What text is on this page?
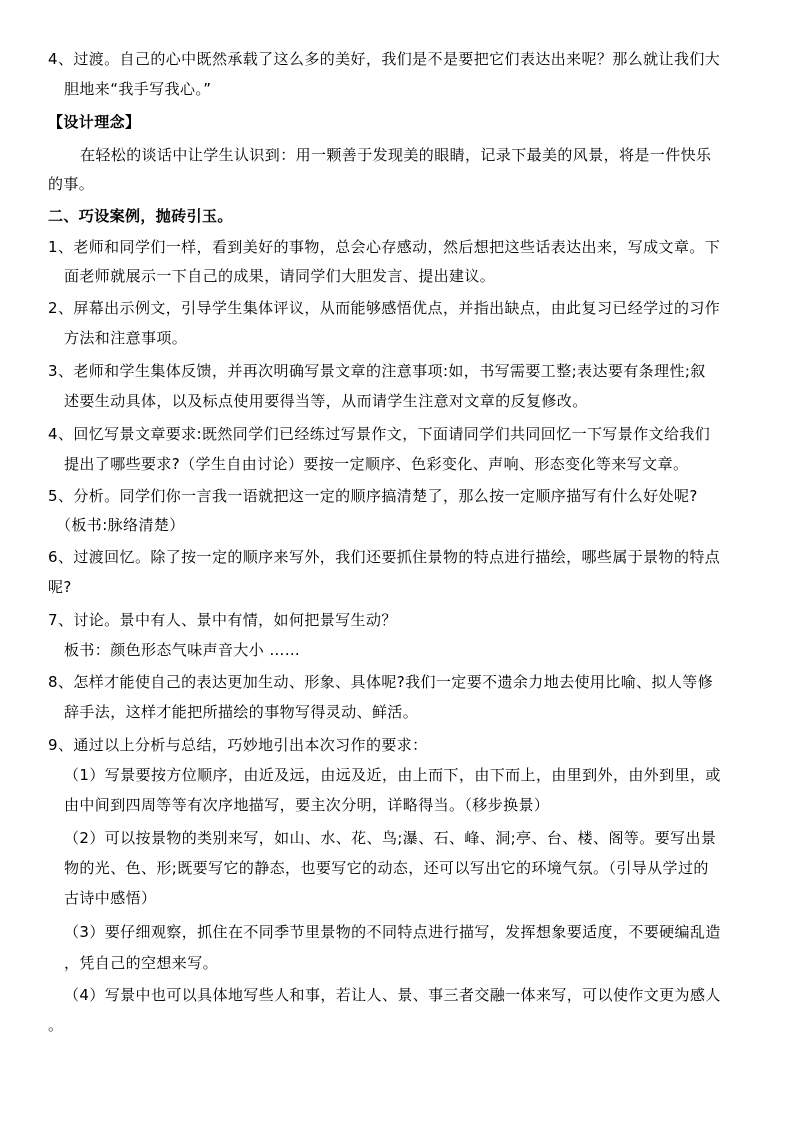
4、过渡。自己的心中既然承载了这么多的美好，我们是不是要把它们表达出来呢？那么就让我们大
胆地来“我手写我心。”
【设计理念】
在轻松的谈话中让学生认识到：用一颗善于发现美的眼睛，记录下最美的风景，将是一件快乐
的事。
二、巧设案例，抛砖引玉。
1、老师和同学们一样，看到美好的事物，总会心存感动，然后想把这些话表达出来，写成文章。下
面老师就展示一下自己的成果，请同学们大胆发言、提出建议。
2、屏幕出示例文，引导学生集体评议，从而能够感悟优点，并指出缺点，由此复习已经学过的习作
方法和注意事项。
3、老师和学生集体反馈，并再次明确写景文章的注意事项:如，书写需要工整;表达要有条理性;叙
述要生动具体，以及标点使用要得当等，从而请学生注意对文章的反复修改。
4、回忆写景文章要求:既然同学们已经练过写景作文，下面请同学们共同回忆一下写景作文给我们
提出了哪些要求?（学生自由讨论）要按一定顺序、色彩变化、声响、形态变化等来写文章。
5、分析。同学们你一言我一语就把这一定的顺序搞清楚了，那么按一定顺序描写有什么好处呢?
（板书:脉络清楚）
6、过渡回忆。除了按一定的顺序来写外，我们还要抓住景物的特点进行描绘，哪些属于景物的特点
呢?
7、讨论。景中有人、景中有情，如何把景写生动？
板书：颜色形态气味声音大小 ……
8、怎样才能使自己的表达更加生动、形象、具体呢?我们一定要不遗余力地去使用比喻、拟人等修
辞手法，这样才能把所描绘的事物写得灵动、鲜活。
9、通过以上分析与总结，巧妙地引出本次习作的要求：
（1）写景要按方位顺序，由近及远，由远及近，由上而下，由下而上，由里到外，由外到里，或
由中间到四周等等有次序地描写，要主次分明，详略得当。（移步换景）
（2）可以按景物的类别来写，如山、水、花、鸟;瀑、石、峰、洞;亭、台、楼、阁等。要写出景
物的光、色、形;既要写它的静态，也要写它的动态，还可以写出它的环境气氛。（引导从学过的
古诗中感悟）
（3）要仔细观察，抓住在不同季节里景物的不同特点进行描写，发挥想象要适度，不要硬编乱造
，凭自己的空想来写。
（4）写景中也可以具体地写些人和事，若让人、景、事三者交融一体来写，可以使作文更为感人
。
